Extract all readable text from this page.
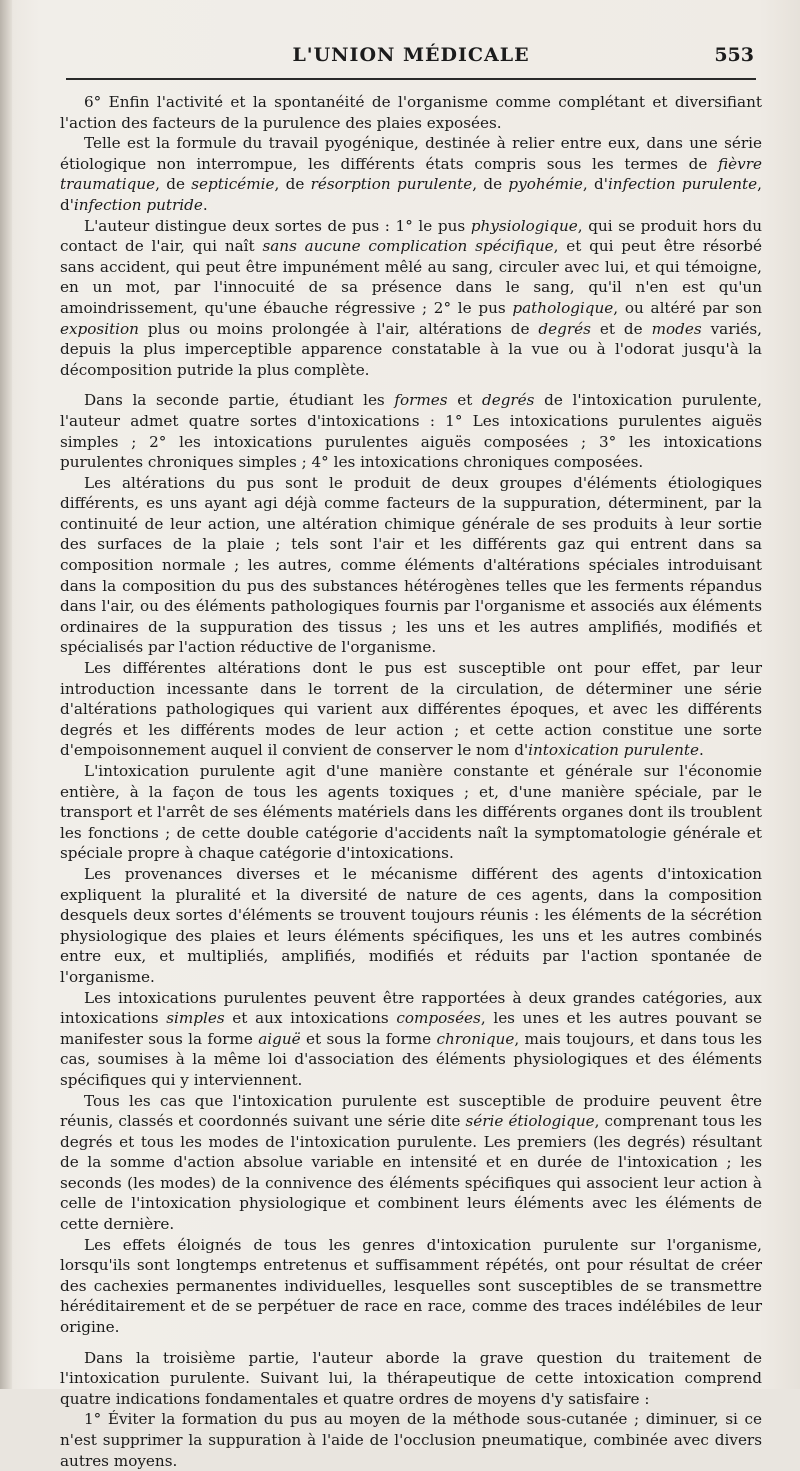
L'UNION MÉDICALE	553

6° Enfin l'activité et la spontanéité de l'organisme comme complétant et diversifiant l'action des facteurs de la purulence des plaies exposées.

Telle est la formule du travail pyogénique, destinée à relier entre eux, dans une série étiologique non interrompue, les différents états compris sous les termes de fièvre traumatique, de septicémie, de résorption purulente, de pyohémie, d'infection purulente, d'infection putride.

L'auteur distingue deux sortes de pus : 1° le pus physiologique, qui se produit hors du contact de l'air, qui naît sans aucune complication spécifique, et qui peut être résorbé sans accident, qui peut être impunément mêlé au sang, circuler avec lui, et qui témoigne, en un mot, par l'innocuité de sa présence dans le sang, qu'il n'en est qu'un amoindrissement, qu'une ébauche régressive ; 2° le pus pathologique, ou altéré par son exposition plus ou moins prolongée à l'air, altérations de degrés et de modes variés, depuis la plus imperceptible apparence constatable à la vue ou à l'odorat jusqu'à la décomposition putride la plus complète.

Dans la seconde partie, étudiant les formes et degrés de l'intoxication purulente, l'auteur admet quatre sortes d'intoxications : 1° Les intoxications purulentes aiguës simples ; 2° les intoxications purulentes aiguës composées ; 3° les intoxications purulentes chroniques simples ; 4° les intoxications chroniques composées.

Les altérations du pus sont le produit de deux groupes d'éléments étiologiques différents, es uns ayant agi déjà comme facteurs de la suppuration, déterminent, par la continuité de leur action, une altération chimique générale de ses produits à leur sortie des surfaces de la plaie ; tels sont l'air et les différents gaz qui entrent dans sa composition normale ; les autres, comme éléments d'altérations spéciales introduisant dans la composition du pus des substances hétérogènes telles que les ferments répandus dans l'air, ou des éléments pathologiques fournis par l'organisme et associés aux éléments ordinaires de la suppuration des tissus ; les uns et les autres amplifiés, modifiés et spécialisés par l'action réductive de l'organisme.

Les différentes altérations dont le pus est susceptible ont pour effet, par leur introduction incessante dans le torrent de la circulation, de déterminer une série d'altérations pathologiques qui varient aux différentes époques, et avec les différents degrés et les différents modes de leur action ; et cette action constitue une sorte d'empoisonnement auquel il convient de conserver le nom d'intoxication purulente.

L'intoxication purulente agit d'une manière constante et générale sur l'économie entière, à la façon de tous les agents toxiques ; et, d'une manière spéciale, par le transport et l'arrêt de ses éléments matériels dans les différents organes dont ils troublent les fonctions ; de cette double catégorie d'accidents naît la symptomatologie générale et spéciale propre à chaque catégorie d'intoxications.

Les provenances diverses et le mécanisme différent des agents d'intoxication expliquent la pluralité et la diversité de nature de ces agents, dans la composition desquels deux sortes d'éléments se trouvent toujours réunis : les éléments de la sécrétion physiologique des plaies et leurs éléments spécifiques, les uns et les autres combinés entre eux, et multipliés, amplifiés, modifiés et réduits par l'action spontanée de l'organisme.

Les intoxications purulentes peuvent être rapportées à deux grandes catégories, aux intoxications simples et aux intoxications composées, les unes et les autres pouvant se manifester sous la forme aiguë et sous la forme chronique, mais toujours, et dans tous les cas, soumises à la même loi d'association des éléments physiologiques et des éléments spécifiques qui y interviennent.

Tous les cas que l'intoxication purulente est susceptible de produire peuvent être réunis, classés et coordonnés suivant une série dite série étiologique, comprenant tous les degrés et tous les modes de l'intoxication purulente. Les premiers (les degrés) résultant de la somme d'action absolue variable en intensité et en durée de l'intoxication ; les seconds (les modes) de la connivence des éléments spécifiques qui associent leur action à celle de l'intoxication physiologique et combinent leurs éléments avec les éléments de cette dernière.

Les effets éloignés de tous les genres d'intoxication purulente sur l'organisme, lorsqu'ils sont longtemps entretenus et suffisamment répétés, ont pour résultat de créer des cachexies permanentes individuelles, lesquelles sont susceptibles de se transmettre héréditairement et de se perpétuer de race en race, comme des traces indélébiles de leur origine.

Dans la troisième partie, l'auteur aborde la grave question du traitement de l'intoxication purulente. Suivant lui, la thérapeutique de cette intoxication comprend quatre indications fondamentales et quatre ordres de moyens d'y satisfaire :

1° Éviter la formation du pus au moyen de la méthode sous-cutanée ; diminuer, si ce n'est supprimer la suppuration à l'aide de l'occlusion pneumatique, combinée avec divers autres moyens.
